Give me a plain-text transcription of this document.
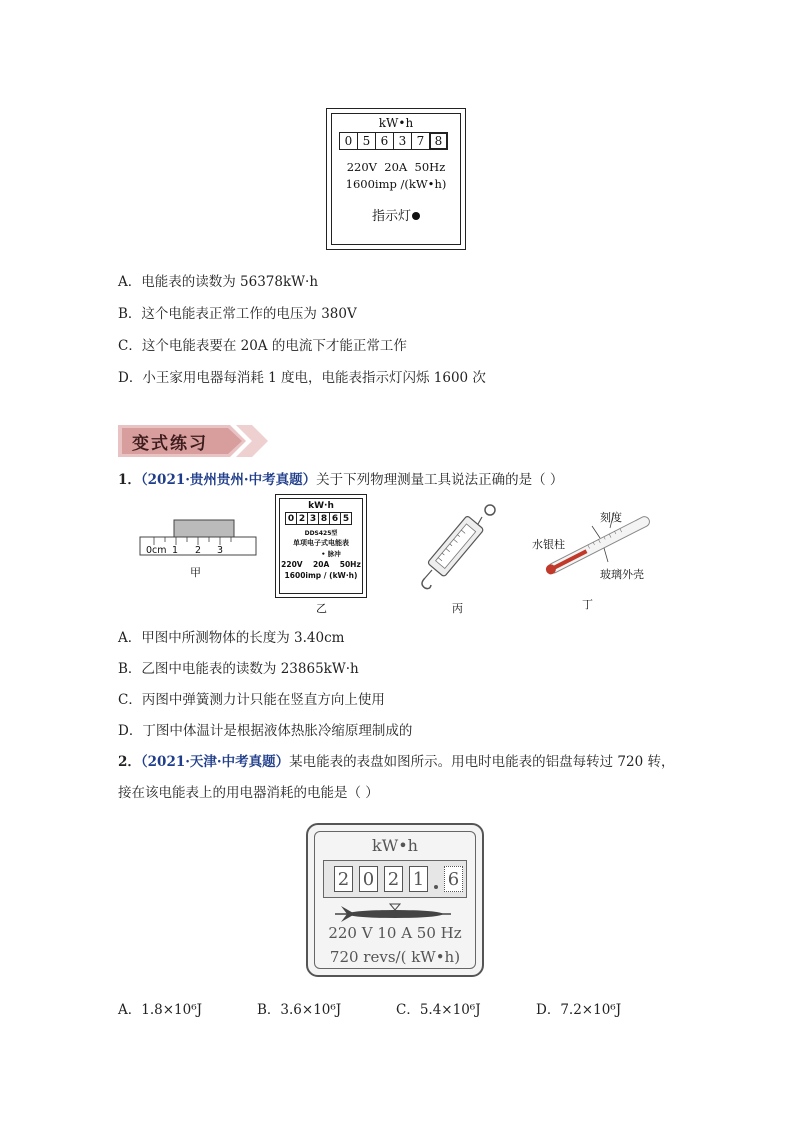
kW•h
0 5 6 3 7 8
220V  20A  50Hz
1600imp /(kW•h)
指示灯
A．电能表的读数为 56378kW·h
B．这个电能表正常工作的电压为 380V
C．这个电能表要在 20A 的电流下才能正常工作
D．小王家用电器每消耗 1 度电，电能表指示灯闪烁 1600 次
变式练习
1．（2021·贵州贵州·中考真题）关于下列物理测量工具说法正确的是（ ）
0cm 1 2 3
甲
kW·h
0 2 3 8 6 5
DDS425型
单项电子式电能表
• 脉冲
220V    20A    50Hz
1600imp / (kW·h)
乙	丙
刻度
水银柱
玻璃外壳
丁
A．甲图中所测物体的长度为 3.40cm
B．乙图中电能表的读数为 23865kW·h
C．丙图中弹簧测力计只能在竖直方向上使用
D．丁图中体温计是根据液体热胀冷缩原理制成的
2．（2021·天津·中考真题）某电能表的表盘如图所示。用电时电能表的铝盘每转过 720 转，
接在该电能表上的用电器消耗的电能是（ ）
kW•h
2 0 2 1 6
220 V 10 A 50 Hz
720 revs/( kW•h)
A．1.8×10⁶J	B．3.6×10⁶J	C．5.4×10⁶J	D．7.2×10⁶J
